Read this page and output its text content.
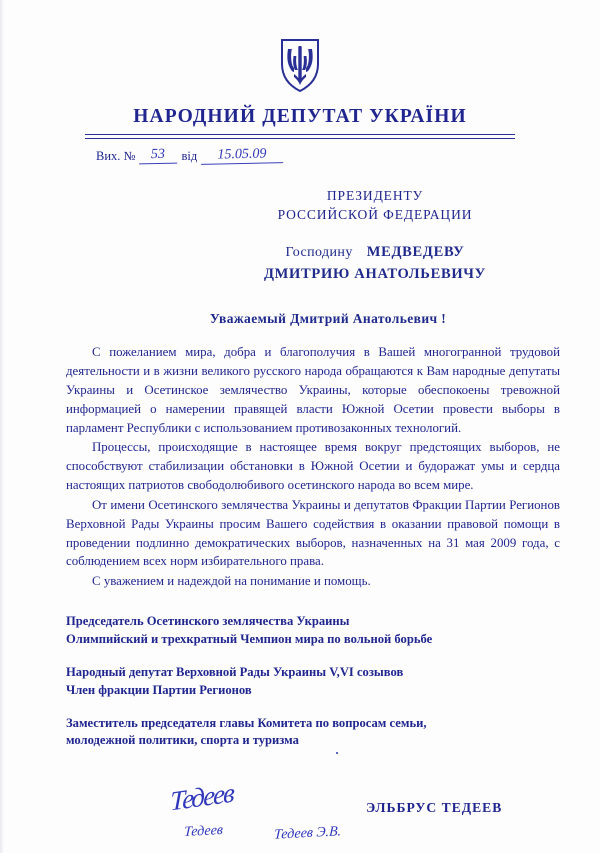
НАРОДНИЙ ДЕПУТАТ УКРАЇНИ
Вих. №	53	від	15.05.09
ПРЕЗИДЕНТУ
РОССИЙСКОЙ ФЕДЕРАЦИИ
Господину МЕДВЕДЕВУ
ДМИТРИЮ АНАТОЛЬЕВИЧУ
Уважаемый Дмитрий Анатольевич !

С пожеланием мира, добра и благополучия в Вашей многогранной трудовой деятельности и в жизни великого русского народа обращаются к Вам народные депутаты Украины и Осетинское землячество Украины, которые обеспокоены тревожной информацией о намерении правящей власти Южной Осетии провести выборы в парламент Республики с использованием противозаконных технологий.

Процессы, происходящие в настоящее время вокруг предстоящих выборов, не способствуют стабилизации обстановки в Южной Осетии и будоражат умы и сердца настоящих патриотов свободолюбивого осетинского народа во всем мире.

От имени Осетинского землячества Украины и депутатов Фракции Партии Регионов Верховной Рады Украины просим Вашего содействия в оказании правовой помощи в проведении подлинно демократических выборов, назначенных на 31 мая 2009 года, с соблюдением всех норм избирательного права.

С уважением и надеждой на понимание и помощь.

Председатель Осетинского землячества Украины
Олимпийский и трехкратный Чемпион мира по вольной борьбе
Народный депутат Верховной Рады Украины V,VI созывов
Член фракции Партии Регионов
Заместитель председателя главы Комитета по вопросам семьи,
молодежной политики, спорта и туризма
Тедеев
Тедеев	Тедеев Э.В.
ЭЛЬБРУС ТЕДЕЕВ
